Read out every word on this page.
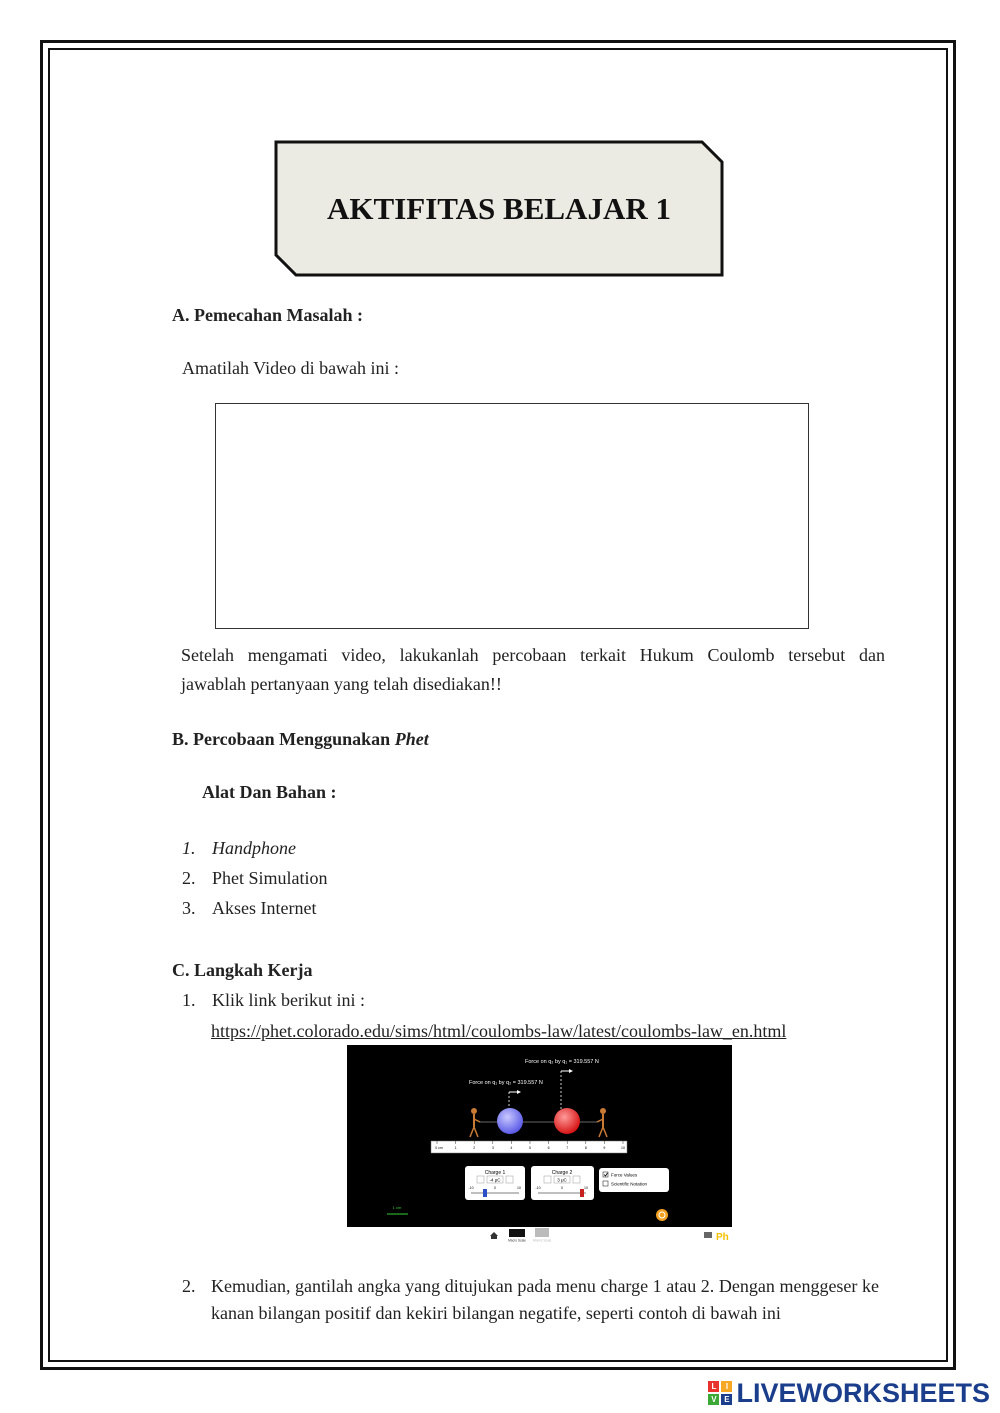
AKTIFITAS BELAJAR 1
A. Pemecahan Masalah :
Amatilah Video di bawah ini :
Setelah mengamati video, lakukanlah percobaan terkait Hukum Coulomb tersebut dan
jawablah pertanyaan yang telah disediakan!!
B. Percobaan Menggunakan Phet
Alat Dan Bahan :
1. Handphone
2. Phet Simulation
3. Akses Internet
C. Langkah Kerja
1. Klik link berikut ini :
https://phet.colorado.edu/sims/html/coulombs-law/latest/coulombs-law_en.html
Force on q₂ by q₁ = 319.557 N
Force on q₁ by q₂ = 319.557 N
0 cm	1	2	3	4	5	6	7	8	9	10
Charge 1
-4 μC
-10	0	10
Charge 2
3 μC
-10	0	10
Force Values
Scientific Notation
1 cm
Macro Scale Atomic Scale	Ph
2. Kemudian, gantilah angka yang ditujukan pada menu charge 1 atau 2. Dengan menggeser ke kanan bilangan positif dan kekiri bilangan negatife, seperti contoh di bawah ini
L	I
V E LIVEWORKSHEETS
